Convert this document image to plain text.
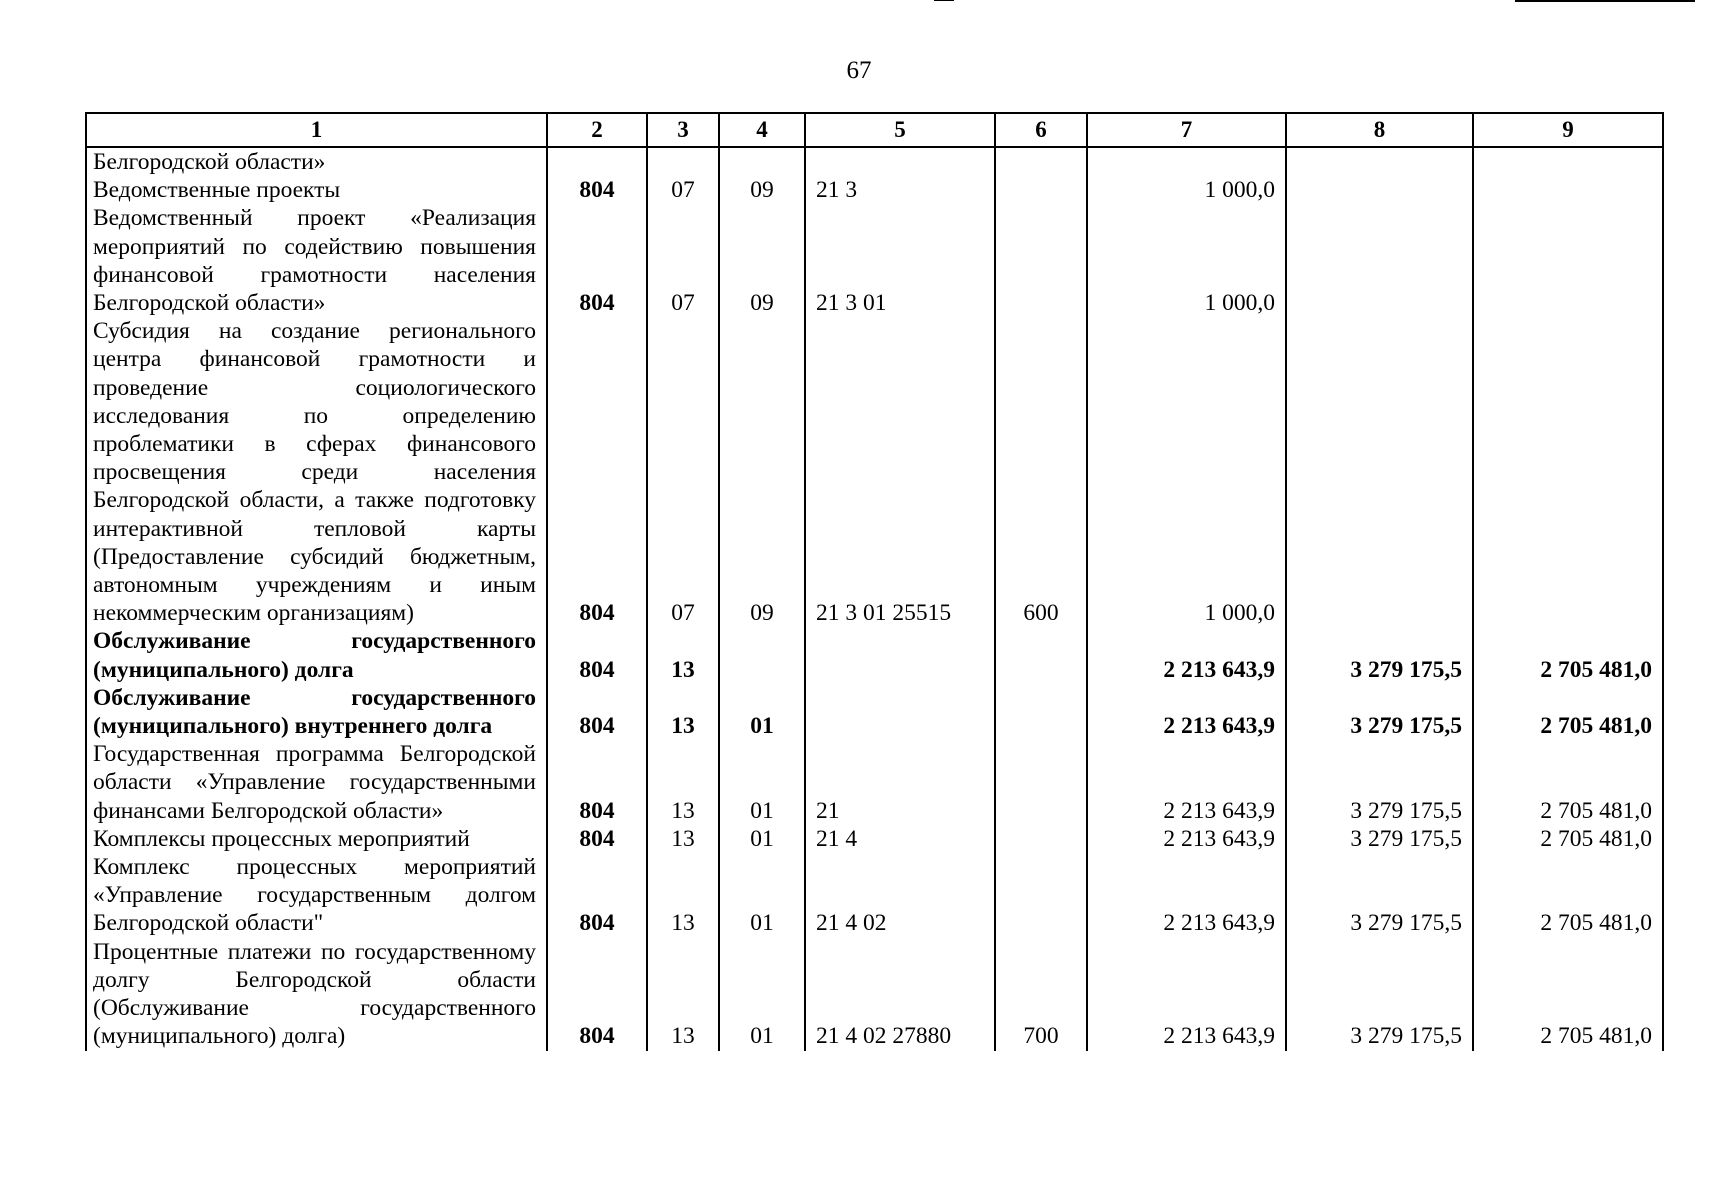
67
1	2	3	4	5	6	7	8	9
Белгородской области»								
Ведомственные проекты	804	07	09	21 3		1 000,0		
Ведомственный проект «Реализация мероприятий по содействию повышения финансовой грамотности населения Белгородской области»	804	07	09	21 3 01		1 000,0		
Субсидия на создание регионального центра финансовой грамотности и проведение социологического исследования по определению проблематики в сферах финансового просвещения среди населения Белгородской области, а также подготовку интерактивной тепловой карты (Предоставление субсидий бюджетным, автономным учреждениям и иным некоммерческим организациям)	804	07	09	21 3 01 25515	600	1 000,0		
Обслуживание государственного (муниципального) долга	804	13				2 213 643,9	3 279 175,5	2 705 481,0
Обслуживание государственного (муниципального) внутреннего долга	804	13	01			2 213 643,9	3 279 175,5	2 705 481,0
Государственная программа Белгородской области «Управление государственными финансами Белгородской области»	804	13	01	21		2 213 643,9	3 279 175,5	2 705 481,0
Комплексы процессных мероприятий	804	13	01	21 4		2 213 643,9	3 279 175,5	2 705 481,0
Комплекс процессных мероприятий «Управление государственным долгом Белгородской области"	804	13	01	21 4 02		2 213 643,9	3 279 175,5	2 705 481,0
Процентные платежи по государственному долгу Белгородской области (Обслуживание государственного (муниципального) долга)	804	13	01	21 4 02 27880	700	2 213 643,9	3 279 175,5	2 705 481,0
